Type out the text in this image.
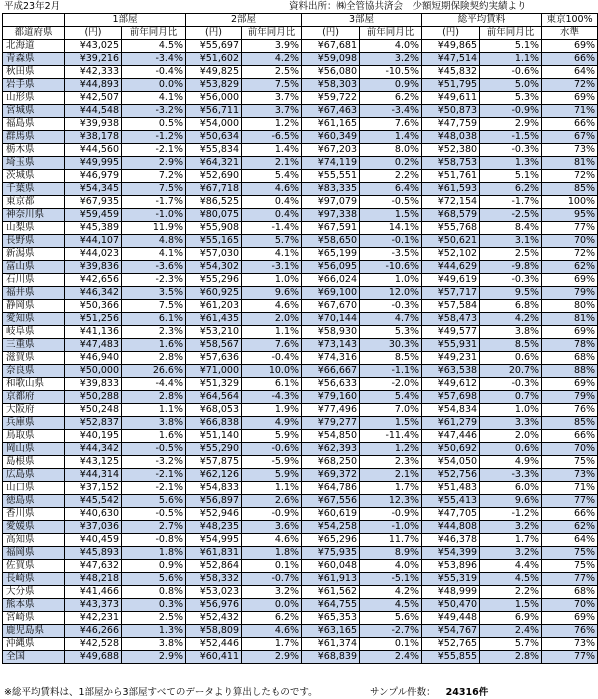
平成23年2月	資料出所：㈱全管協共済会　少額短期保険契約実績より
	1部屋		2部屋		3部屋		総平均賃料		東京100%
都道府県	(円)	前年同月比	(円)	前年同月比	(円)	前年同月比	(円)	前年同月比	水準
北海道	¥43,025	4.5%	¥55,697	3.9%	¥67,681	4.0%	¥49,865	5.1%	69%
青森県	¥39,216	-3.4%	¥51,602	4.2%	¥59,098	3.2%	¥47,514	1.1%	66%
秋田県	¥42,333	-0.4%	¥49,825	2.5%	¥56,080	-10.5%	¥45,832	-0.6%	64%
岩手県	¥44,893	0.0%	¥53,829	7.5%	¥58,303	0.9%	¥51,795	5.0%	72%
山形県	¥42,507	4.1%	¥56,000	3.7%	¥59,722	6.2%	¥49,611	5.3%	69%
宮城県	¥44,548	-3.2%	¥56,711	3.7%	¥67,463	-3.4%	¥50,873	-0.9%	71%
福島県	¥39,938	0.5%	¥54,000	1.2%	¥61,165	7.6%	¥47,759	2.9%	66%
群馬県	¥38,178	-1.2%	¥50,634	-6.5%	¥60,349	1.4%	¥48,038	-1.5%	67%
栃木県	¥44,560	-2.1%	¥55,834	1.4%	¥67,203	8.0%	¥52,380	-0.3%	73%
埼玉県	¥49,995	2.9%	¥64,321	2.1%	¥74,119	0.2%	¥58,753	1.3%	81%
茨城県	¥46,979	7.2%	¥52,690	5.4%	¥55,551	2.2%	¥51,761	5.1%	72%
千葉県	¥54,345	7.5%	¥67,718	4.6%	¥83,335	6.4%	¥61,593	6.2%	85%
東京都	¥67,935	-1.7%	¥86,525	0.4%	¥97,079	-0.5%	¥72,154	-1.7%	100%
神奈川県	¥59,459	-1.0%	¥80,075	0.4%	¥97,338	1.5%	¥68,579	-2.5%	95%
山梨県	¥45,389	11.9%	¥55,908	-1.4%	¥67,591	14.1%	¥55,768	8.4%	77%
長野県	¥44,107	4.8%	¥55,165	5.7%	¥58,650	-0.1%	¥50,621	3.1%	70%
新潟県	¥44,023	4.1%	¥57,030	4.1%	¥65,199	-3.5%	¥52,102	2.5%	72%
富山県	¥39,836	-3.6%	¥54,302	-3.1%	¥56,095	-10.6%	¥44,629	-9.8%	62%
石川県	¥42,656	-2.3%	¥55,296	1.0%	¥66,024	1.0%	¥49,619	-0.3%	69%
福井県	¥46,342	3.5%	¥60,925	9.6%	¥69,100	12.0%	¥57,717	9.5%	79%
静岡県	¥50,366	7.5%	¥61,203	4.6%	¥67,670	-0.3%	¥57,584	6.8%	80%
愛知県	¥51,256	6.1%	¥61,435	2.0%	¥70,144	4.7%	¥58,473	4.2%	81%
岐阜県	¥41,136	2.3%	¥53,210	1.1%	¥58,930	5.3%	¥49,577	3.8%	69%
三重県	¥47,483	1.6%	¥58,567	7.6%	¥73,143	30.3%	¥55,931	8.5%	78%
滋賀県	¥46,940	2.8%	¥57,636	-0.4%	¥74,316	8.5%	¥49,231	0.6%	68%
奈良県	¥50,000	26.6%	¥71,000	10.0%	¥66,667	-1.1%	¥63,538	20.7%	88%
和歌山県	¥39,833	-4.4%	¥51,329	6.1%	¥56,633	-2.0%	¥49,612	-0.3%	69%
京都府	¥50,288	2.8%	¥64,564	-4.3%	¥79,160	5.4%	¥57,698	0.7%	79%
大阪府	¥50,248	1.1%	¥68,053	1.9%	¥77,496	7.0%	¥54,834	1.0%	76%
兵庫県	¥52,837	3.8%	¥66,838	4.9%	¥79,277	1.5%	¥61,279	3.3%	85%
鳥取県	¥40,195	1.6%	¥51,140	5.9%	¥54,850	-11.4%	¥47,446	2.0%	66%
岡山県	¥44,342	-0.5%	¥55,290	-0.6%	¥62,393	1.2%	¥50,692	0.6%	70%
島根県	¥43,125	-3.2%	¥57,875	-5.9%	¥68,250	2.3%	¥54,050	4.9%	75%
広島県	¥44,314	-2.1%	¥62,126	5.9%	¥69,372	2.1%	¥52,756	-3.3%	73%
山口県	¥37,152	-2.1%	¥54,833	1.1%	¥64,786	1.7%	¥51,483	6.0%	71%
徳島県	¥45,542	5.6%	¥56,897	2.6%	¥67,556	12.3%	¥55,413	9.6%	77%
香川県	¥40,630	-0.5%	¥52,946	-0.9%	¥60,619	-0.9%	¥47,705	-1.2%	66%
愛媛県	¥37,036	2.7%	¥48,235	3.6%	¥54,258	-1.0%	¥44,808	3.2%	62%
高知県	¥40,459	-0.8%	¥54,995	4.6%	¥65,296	11.7%	¥46,378	1.7%	64%
福岡県	¥45,893	1.8%	¥61,831	1.8%	¥75,935	8.9%	¥54,399	3.2%	75%
佐賀県	¥47,632	0.9%	¥52,864	0.1%	¥60,048	4.0%	¥53,896	4.4%	75%
長崎県	¥48,218	5.6%	¥58,332	-0.7%	¥61,913	-5.1%	¥55,319	4.5%	77%
大分県	¥41,466	0.8%	¥53,023	3.2%	¥61,562	4.2%	¥48,999	2.2%	68%
熊本県	¥43,373	0.3%	¥56,976	0.0%	¥64,755	4.5%	¥50,470	1.5%	70%
宮崎県	¥42,231	2.5%	¥52,432	6.2%	¥65,353	5.6%	¥49,448	6.9%	69%
鹿児島県	¥46,266	1.3%	¥58,809	4.6%	¥63,165	-2.7%	¥54,767	2.4%	76%
沖縄県	¥42,528	3.8%	¥52,446	1.7%	¥61,374	0.1%	¥52,765	5.7%	73%
全国	¥49,688	2.9%	¥60,411	2.9%	¥68,839	2.4%	¥55,855	2.8%	77%
※総平均賃料は、1部屋から3部屋すべてのデータより算出したものです。	サンプル件数： 24316件
